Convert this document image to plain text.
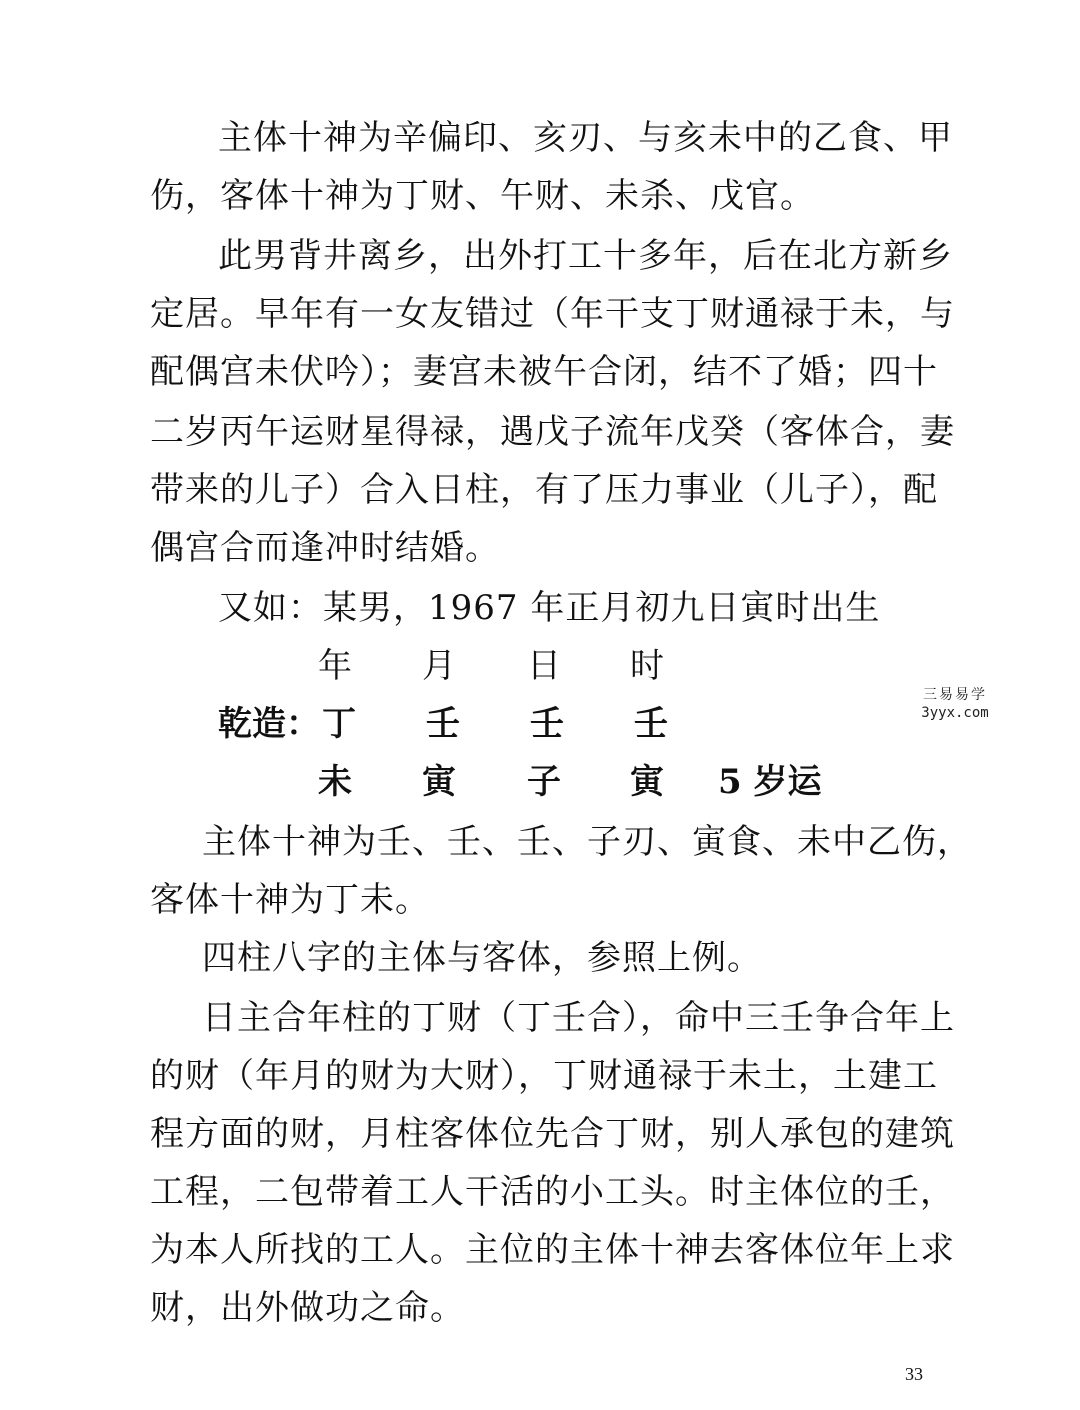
主体十神为辛偏印、亥刃、与亥未中的乙食、甲

伤，客体十神为丁财、午财、未杀、戊官。

此男背井离乡，出外打工十多年，后在北方新乡

定居。早年有一女友错过（年干支丁财通禄于未，与

配偶宫未伏吟）；妻宫未被午合闭，结不了婚；四十

二岁丙午运财星得禄，遇戊子流年戊癸（客体合，妻

带来的儿子）合入日柱，有了压力事业（儿子），配

偶宫合而逢冲时结婚。

又如：某男，1967 年正月初九日寅时出生

年 月 日 时
乾造： 丁 壬 壬 壬
未 寅 子 寅 5 岁运

主体十神为壬、壬、壬、子刃、寅食、未中乙伤，

客体十神为丁未。

四柱八字的主体与客体，参照上例。

日主合年柱的丁财（丁壬合），命中三壬争合年上

的财（年月的财为大财），丁财通禄于未土，土建工

程方面的财，月柱客体位先合丁财，别人承包的建筑

工程，二包带着工人干活的小工头。时主体位的壬，

为本人所找的工人。主位的主体十神去客体位年上求

财，出外做功之命。

三易易学
3yyx.com
33
